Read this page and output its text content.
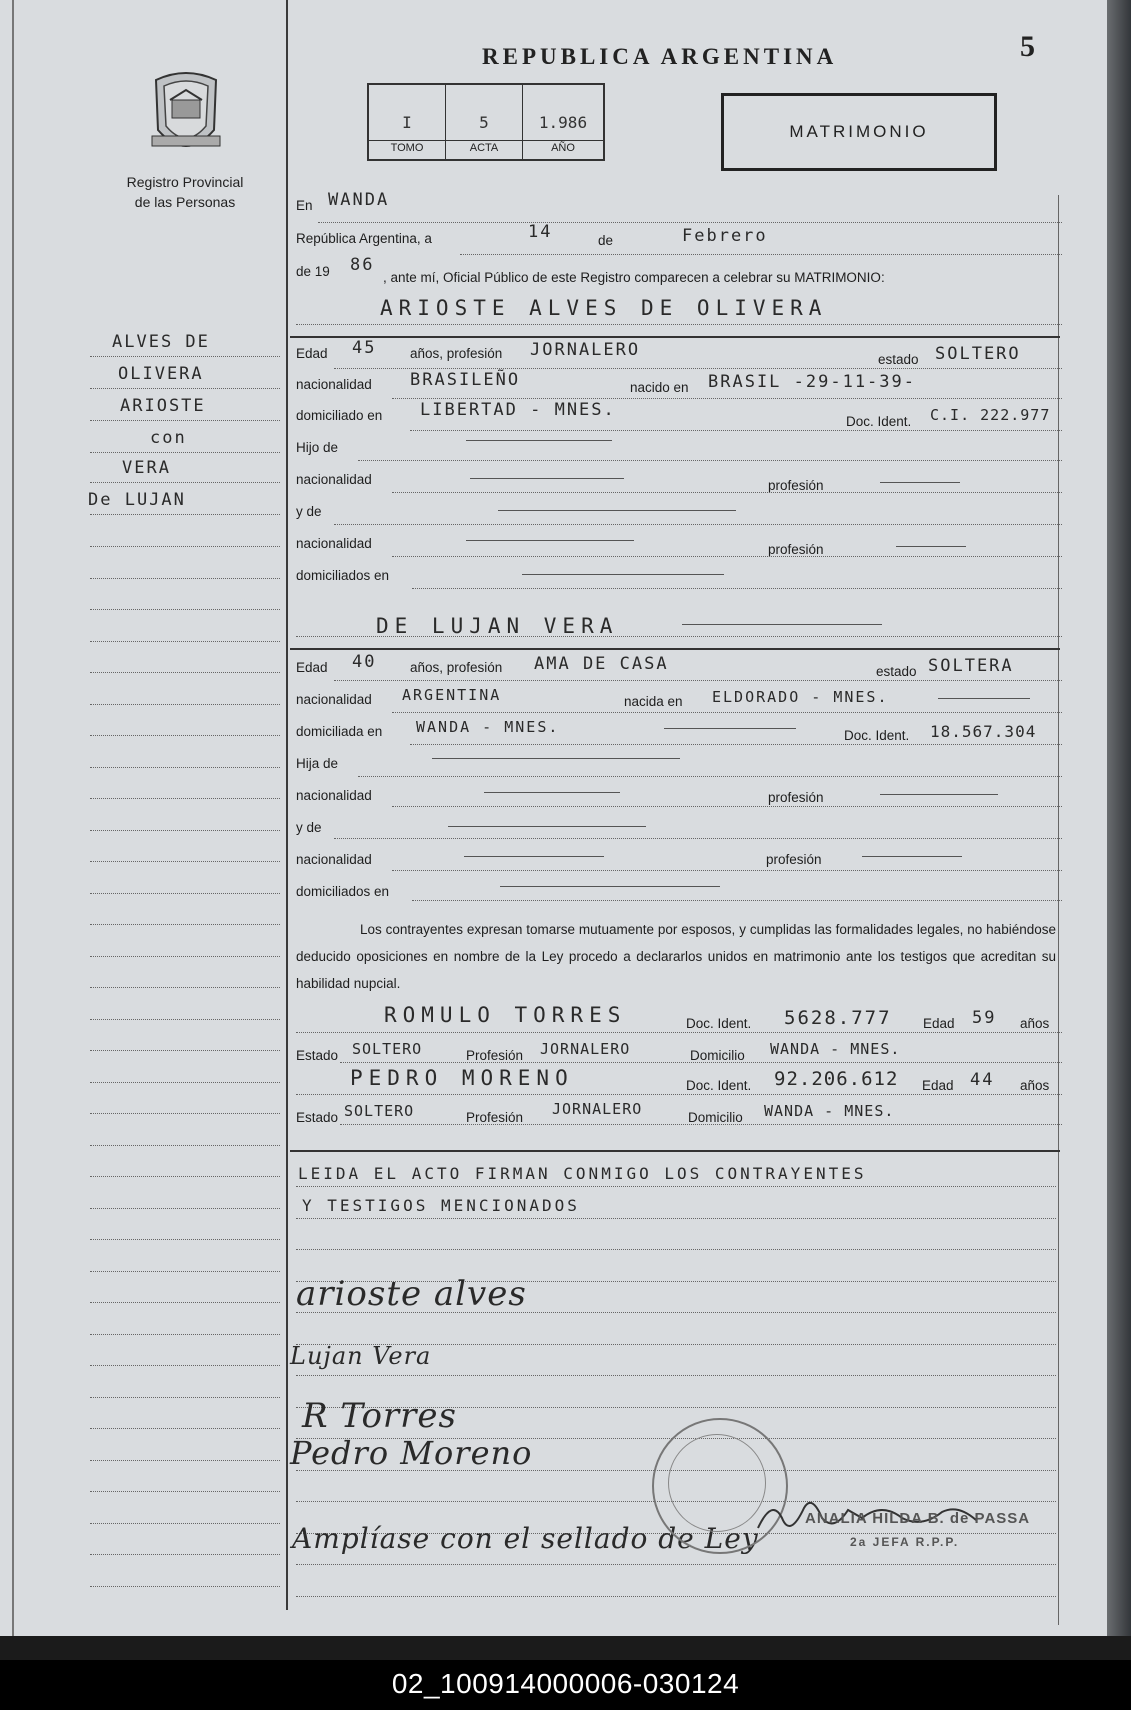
REPUBLICA ARGENTINA	5
Registro Provincial
de las Personas
I
TOMO
5
ACTA
1.986
AÑO
MATRIMONIO
ALVES DE
OLIVERA
ARIOSTE
con
VERA
De LUJAN
En WANDA
República Argentina, a	14	de	Febrero
de 19 86
, ante mí, Oficial Público de este Registro comparecen a celebrar su MATRIMONIO:
ARIOSTE ALVES DE OLIVERA
Edad 45 años, profesión JORNALERO	estado SOLTERO
nacionalidad BRASILEÑO	nacido en BRASIL -29-11-39-
domiciliado en LIBERTAD - MNES.
Doc. Ident. C.I. 222.977
Hijo de
nacionalidad	profesión
y de
nacionalidad	profesión
domiciliados en
DE LUJAN VERA
Edad 40 años, profesión AMA DE CASA	estado SOLTERA
nacionalidad ARGENTINA	nacida en ELDORADO - MNES.
domiciliada en WANDA - MNES.	Doc. Ident. 18.567.304
Hija de
nacionalidad	profesión
y de
nacionalidad	profesión
domiciliados en
Los contrayentes expresan tomarse mutuamente por esposos, y cumplidas las formalidades legales, no habiéndose deducido oposiciones en nombre de la Ley procedo a declararlos unidos en matrimonio ante los testigos que acreditan su habilidad nupcial.
ROMULO TORRES	Doc. Ident. 5628.777 Edad 59 años
Estado SOLTERO	Profesión JORNALERO	Domicilio WANDA - MNES.
PEDRO MORENO	Doc. Ident. 92.206.612 Edad 44 años
Estado SOLTERO	Profesión JORNALERO	Domicilio WANDA - MNES.
LEIDA EL ACTO FIRMAN CONMIGO LOS CONTRAYENTES
Y TESTIGOS MENCIONADOS
arioste alves
Lujan Vera
R Torres
Pedro Moreno
Amplíase con el sellado de Ley
ANALIA HILDA B. de PASSA
2a JEFA R.P.P.
02_100914000006-030124
